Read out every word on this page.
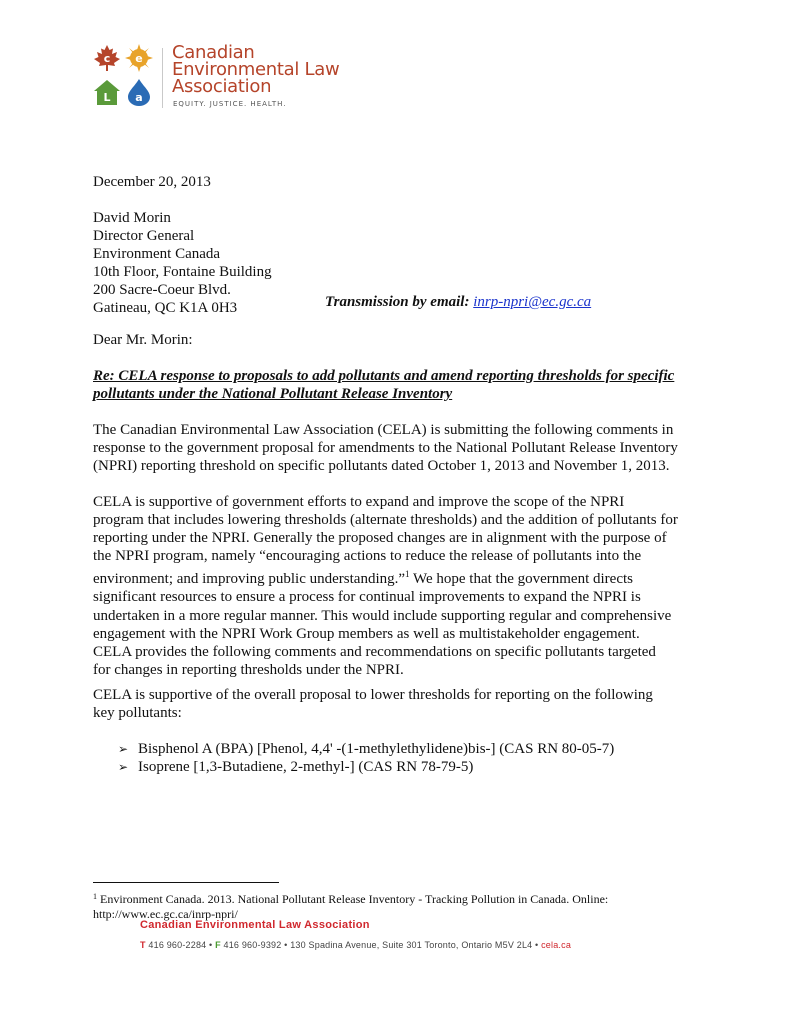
c e
L a
Canadian
Environmental Law
Association
EQUITY. JUSTICE. HEALTH.
December 20, 2013
David Morin
Director General
Environment Canada
10th Floor, Fontaine Building
200 Sacre-Coeur Blvd.
Gatineau, QC K1A 0H3	Transmission by email: inrp-npri@ec.gc.ca
Dear Mr. Morin:
Re: CELA response to proposals to add pollutants and amend reporting thresholds for specific
pollutants under the National Pollutant Release Inventory
The Canadian Environmental Law Association (CELA) is submitting the following comments in
response to the government proposal for amendments to the National Pollutant Release Inventory
(NPRI) reporting threshold on specific pollutants dated October 1, 2013 and November 1, 2013.
CELA is supportive of government efforts to expand and improve the scope of the NPRI
program that includes lowering thresholds (alternate thresholds) and the addition of pollutants for
reporting under the NPRI. Generally the proposed changes are in alignment with the purpose of
the NPRI program, namely “encouraging actions to reduce the release of pollutants into the
environment; and improving public understanding.”$^1$ We hope that the government directs
significant resources to ensure a process for continual improvements to expand the NPRI is
undertaken in a more regular manner. This would include supporting regular and comprehensive
engagement with the NPRI Work Group members as well as multistakeholder engagement.
CELA provides the following comments and recommendations on specific pollutants targeted
for changes in reporting thresholds under the NPRI.
CELA is supportive of the overall proposal to lower thresholds for reporting on the following
key pollutants:
➢ Bisphenol A (BPA) [Phenol, 4,4' -(1-methylethylidene)bis-] (CAS RN 80-05-7)
➢ Isoprene [1,3-Butadiene, 2-methyl-] (CAS RN 78-79-5)
$^1$ Environment Canada. 2013. National Pollutant Release Inventory - Tracking Pollution in Canada. Online:
http://www.ec.gc.ca/inrp-npri/
Canadian Environmental Law Association
T 416 960-2284 • F 416 960-9392 • 130 Spadina Avenue, Suite 301 Toronto, Ontario M5V 2L4 • cela.ca
